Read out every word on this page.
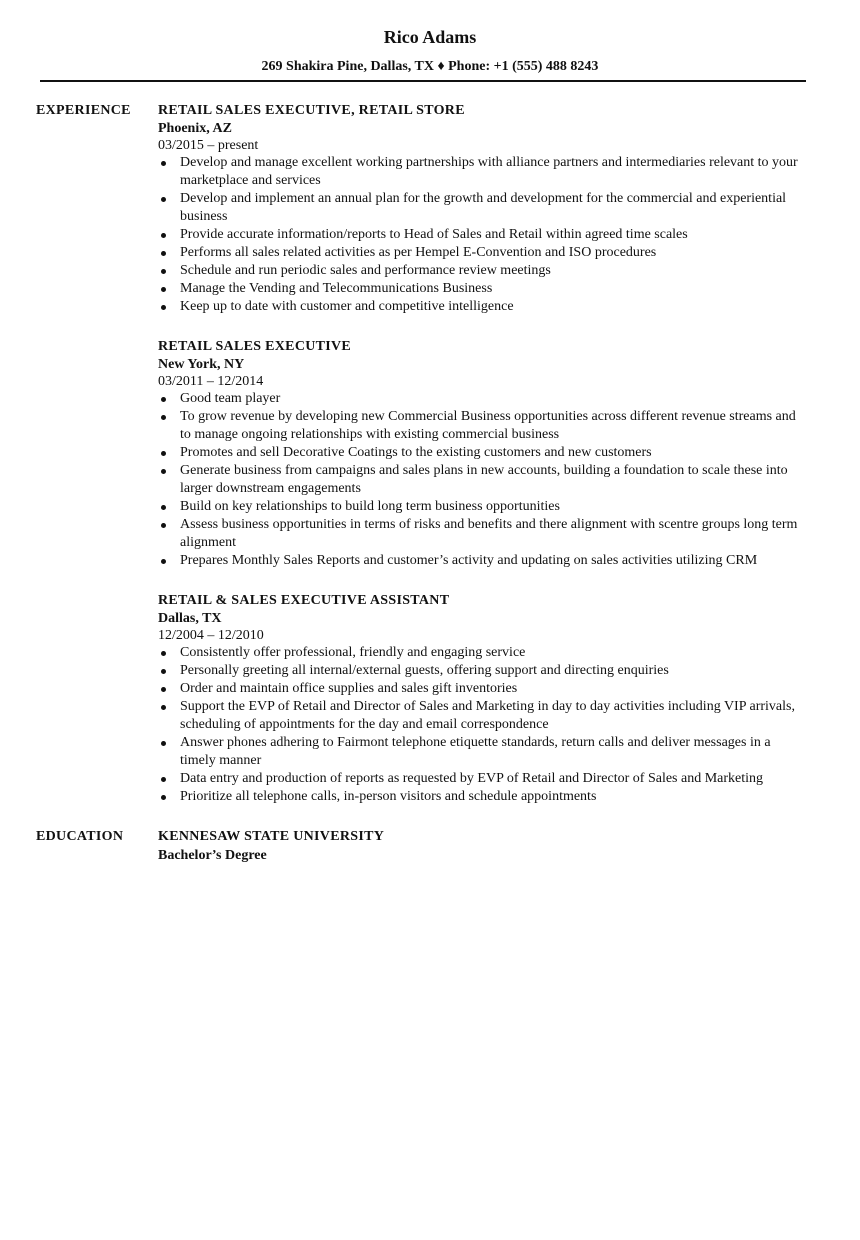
Rico Adams
269 Shakira Pine, Dallas, TX ♦ Phone: +1 (555) 488 8243
EXPERIENCE	RETAIL SALES EXECUTIVE, RETAIL STORE
Phoenix, AZ
03/2015 – present
Develop and manage excellent working partnerships with alliance partners and intermediaries relevant to your marketplace and services
Develop and implement an annual plan for the growth and development for the commercial and experiential business
Provide accurate information/reports to Head of Sales and Retail within agreed time scales
Performs all sales related activities as per Hempel E-Convention and ISO procedures
Schedule and run periodic sales and performance review meetings
Manage the Vending and Telecommunications Business
Keep up to date with customer and competitive intelligence
RETAIL SALES EXECUTIVE
New York, NY
03/2011 – 12/2014
Good team player
To grow revenue by developing new Commercial Business opportunities across different revenue streams and to manage ongoing relationships with existing commercial business
Promotes and sell Decorative Coatings to the existing customers and new customers
Generate business from campaigns and sales plans in new accounts, building a foundation to scale these into larger downstream engagements
Build on key relationships to build long term business opportunities
Assess business opportunities in terms of risks and benefits and there alignment with scentre groups long term alignment
Prepares Monthly Sales Reports and customer’s activity and updating on sales activities utilizing CRM
RETAIL & SALES EXECUTIVE ASSISTANT
Dallas, TX
12/2004 – 12/2010
Consistently offer professional, friendly and engaging service
Personally greeting all internal/external guests, offering support and directing enquiries
Order and maintain office supplies and sales gift inventories
Support the EVP of Retail and Director of Sales and Marketing in day to day activities including VIP arrivals, scheduling of appointments for the day and email correspondence
Answer phones adhering to Fairmont telephone etiquette standards, return calls and deliver messages in a timely manner
Data entry and production of reports as requested by EVP of Retail and Director of Sales and Marketing
Prioritize all telephone calls, in-person visitors and schedule appointments
EDUCATION	KENNESAW STATE UNIVERSITY
Bachelor’s Degree
